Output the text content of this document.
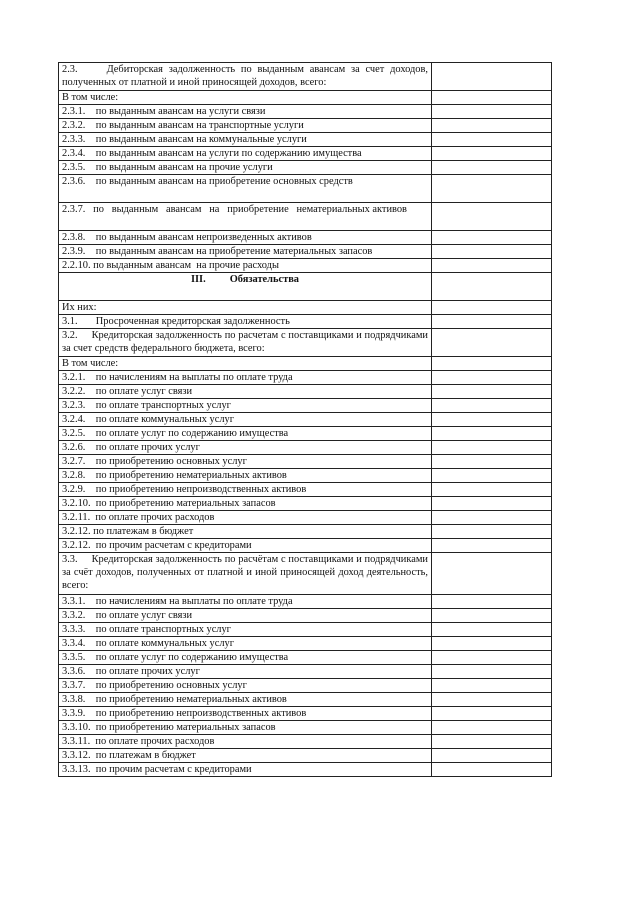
2.3.     Дебиторская задолженность по выданным авансам за счет доходов, полученных от платной и иной приносящей доходов, всего:	
В том числе:	
2.3.1.    по выданным авансам на услуги связи	
2.3.2.    по выданным авансам на транспортные услуги	
2.3.3.    по выданным авансам на коммунальные услуги	
2.3.4.    по выданным авансам на услуги по содержанию имущества	
2.3.5.    по выданным авансам на прочие услуги	
2.3.6.    по выданным авансам на приобретение основных средств	
2.3.7.   по   выданным   авансам   на   приобретение   нематериальных активов	
2.3.8.    по выданным авансам непроизведенных активов	
2.3.9.    по выданным авансам на приобретение материальных запасов	
2.2.10. по выданным авансам  на прочие расходы	
III. Обязательства	
Их них:	
3.1.       Просроченная кредиторская задолженность	
3.2.     Кредиторская задолженность по расчетам с поставщиками и подрядчиками за счет средств федерального бюджета, всего:	
В том числе:	
3.2.1.    по начислениям на выплаты по оплате труда	
3.2.2.    по оплате услуг связи	
3.2.3.    по оплате транспортных услуг	
3.2.4.    по оплате коммунальных услуг	
3.2.5.    по оплате услуг по содержанию имущества	
3.2.6.    по оплате прочих услуг	
3.2.7.    по приобретению основных услуг	
3.2.8.    по приобретению нематериальных активов	
3.2.9.    по приобретению непроизводственных активов	
3.2.10.  по приобретению материальных запасов	
3.2.11.  по оплате прочих расходов	
3.2.12. по платежам в бюджет	
3.2.12.  по прочим расчетам с кредиторами	
3.3.     Кредиторская задолженность по расчётам с поставщиками и подрядчиками за счёт доходов, полученных от платной и иной приносящей доход деятельность, всего:	
3.3.1.    по начислениям на выплаты по оплате труда	
3.3.2.    по оплате услуг связи	
3.3.3.    по оплате транспортных услуг	
3.3.4.    по оплате коммунальных услуг	
3.3.5.    по оплате услуг по содержанию имущества	
3.3.6.    по оплате прочих услуг	
3.3.7.    по приобретению основных услуг	
3.3.8.    по приобретению нематериальных активов	
3.3.9.    по приобретению непроизводственных активов	
3.3.10.  по приобретению материальных запасов	
3.3.11.  по оплате прочих расходов	
3.3.12.  по платежам в бюджет	
3.3.13.  по прочим расчетам с кредиторами	
